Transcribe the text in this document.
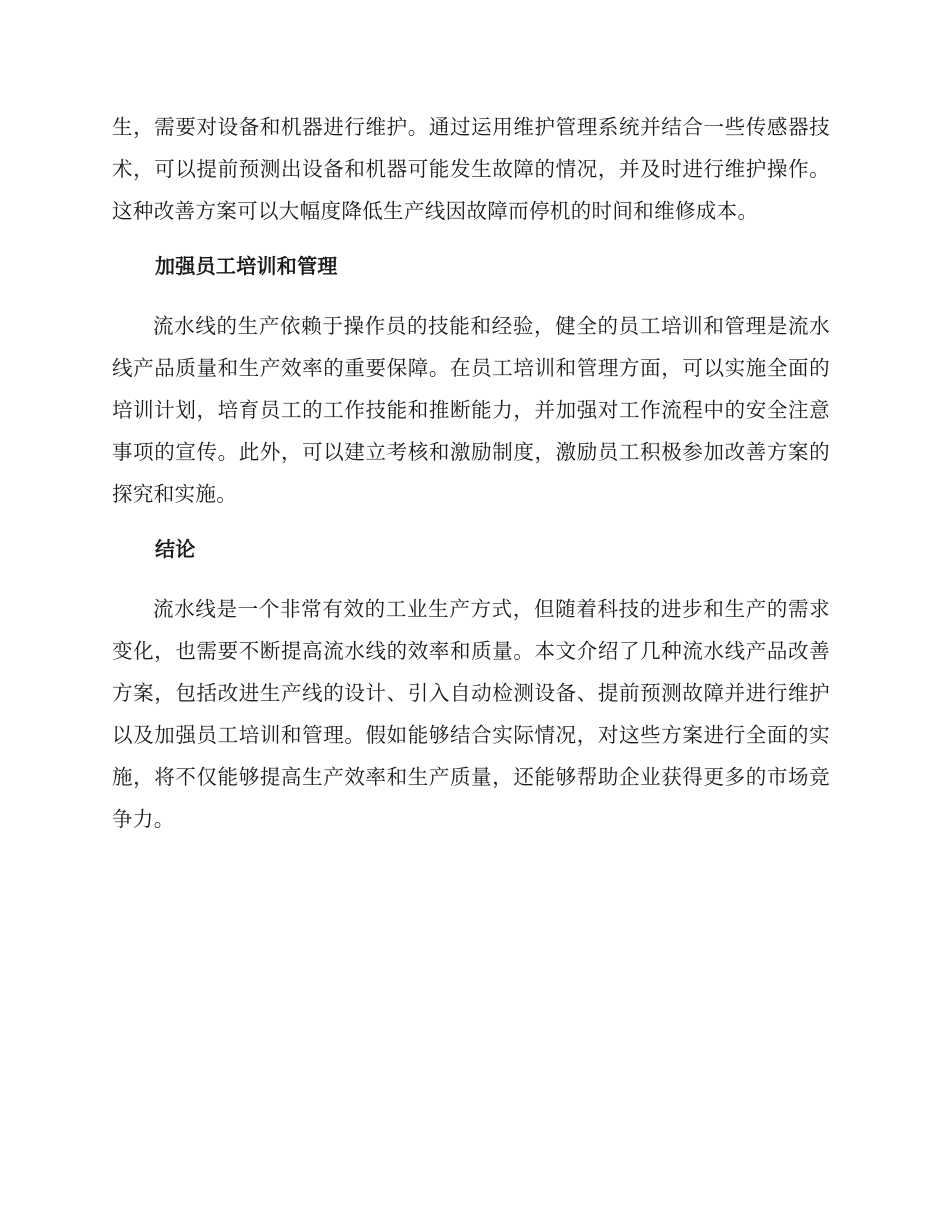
生，需要对设备和机器进行维护。通过运用维护管理系统并结合一些传感器技术，可以提前预测出设备和机器可能发生故障的情况，并及时进行维护操作。这种改善方案可以大幅度降低生产线因故障而停机的时间和维修成本。

加强员工培训和管理

流水线的生产依赖于操作员的技能和经验，健全的员工培训和管理是流水线产品质量和生产效率的重要保障。在员工培训和管理方面，可以实施全面的培训计划，培育员工的工作技能和推断能力，并加强对工作流程中的安全注意事项的宣传。此外，可以建立考核和激励制度，激励员工积极参加改善方案的探究和实施。

结论

流水线是一个非常有效的工业生产方式，但随着科技的进步和生产的需求变化，也需要不断提高流水线的效率和质量。本文介绍了几种流水线产品改善方案，包括改进生产线的设计、引入自动检测设备、提前预测故障并进行维护以及加强员工培训和管理。假如能够结合实际情况，对这些方案进行全面的实施，将不仅能够提高生产效率和生产质量，还能够帮助企业获得更多的市场竞争力。
